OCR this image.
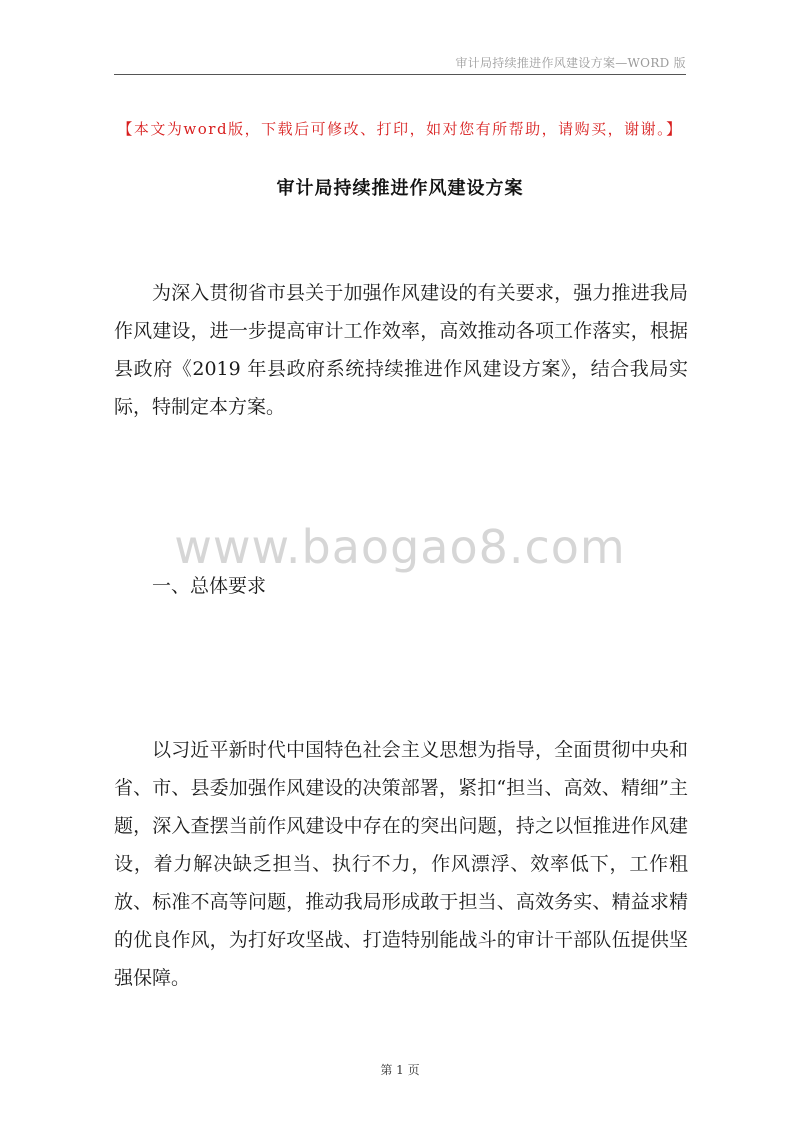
审计局持续推进作风建设方案—WORD 版
【本文为word版，下载后可修改、打印，如对您有所帮助，请购买，谢谢。】
审计局持续推进作风建设方案

为深入贯彻省市县关于加强作风建设的有关要求，强力推进我局作风建设，进一步提高审计工作效率，高效推动各项工作落实，根据县政府《2019 年县政府系统持续推进作风建设方案》，结合我局实际，特制定本方案。

www.baogao8.com
一、总体要求

以习近平新时代中国特色社会主义思想为指导，全面贯彻中央和省、市、县委加强作风建设的决策部署，紧扣“担当、高效、精细”主题，深入查摆当前作风建设中存在的突出问题，持之以恒推进作风建设，着力解决缺乏担当、执行不力，作风漂浮、效率低下，工作粗放、标准不高等问题，推动我局形成敢于担当、高效务实、精益求精的优良作风，为打好攻坚战、打造特别能战斗的审计干部队伍提供坚强保障。

第 1 页
